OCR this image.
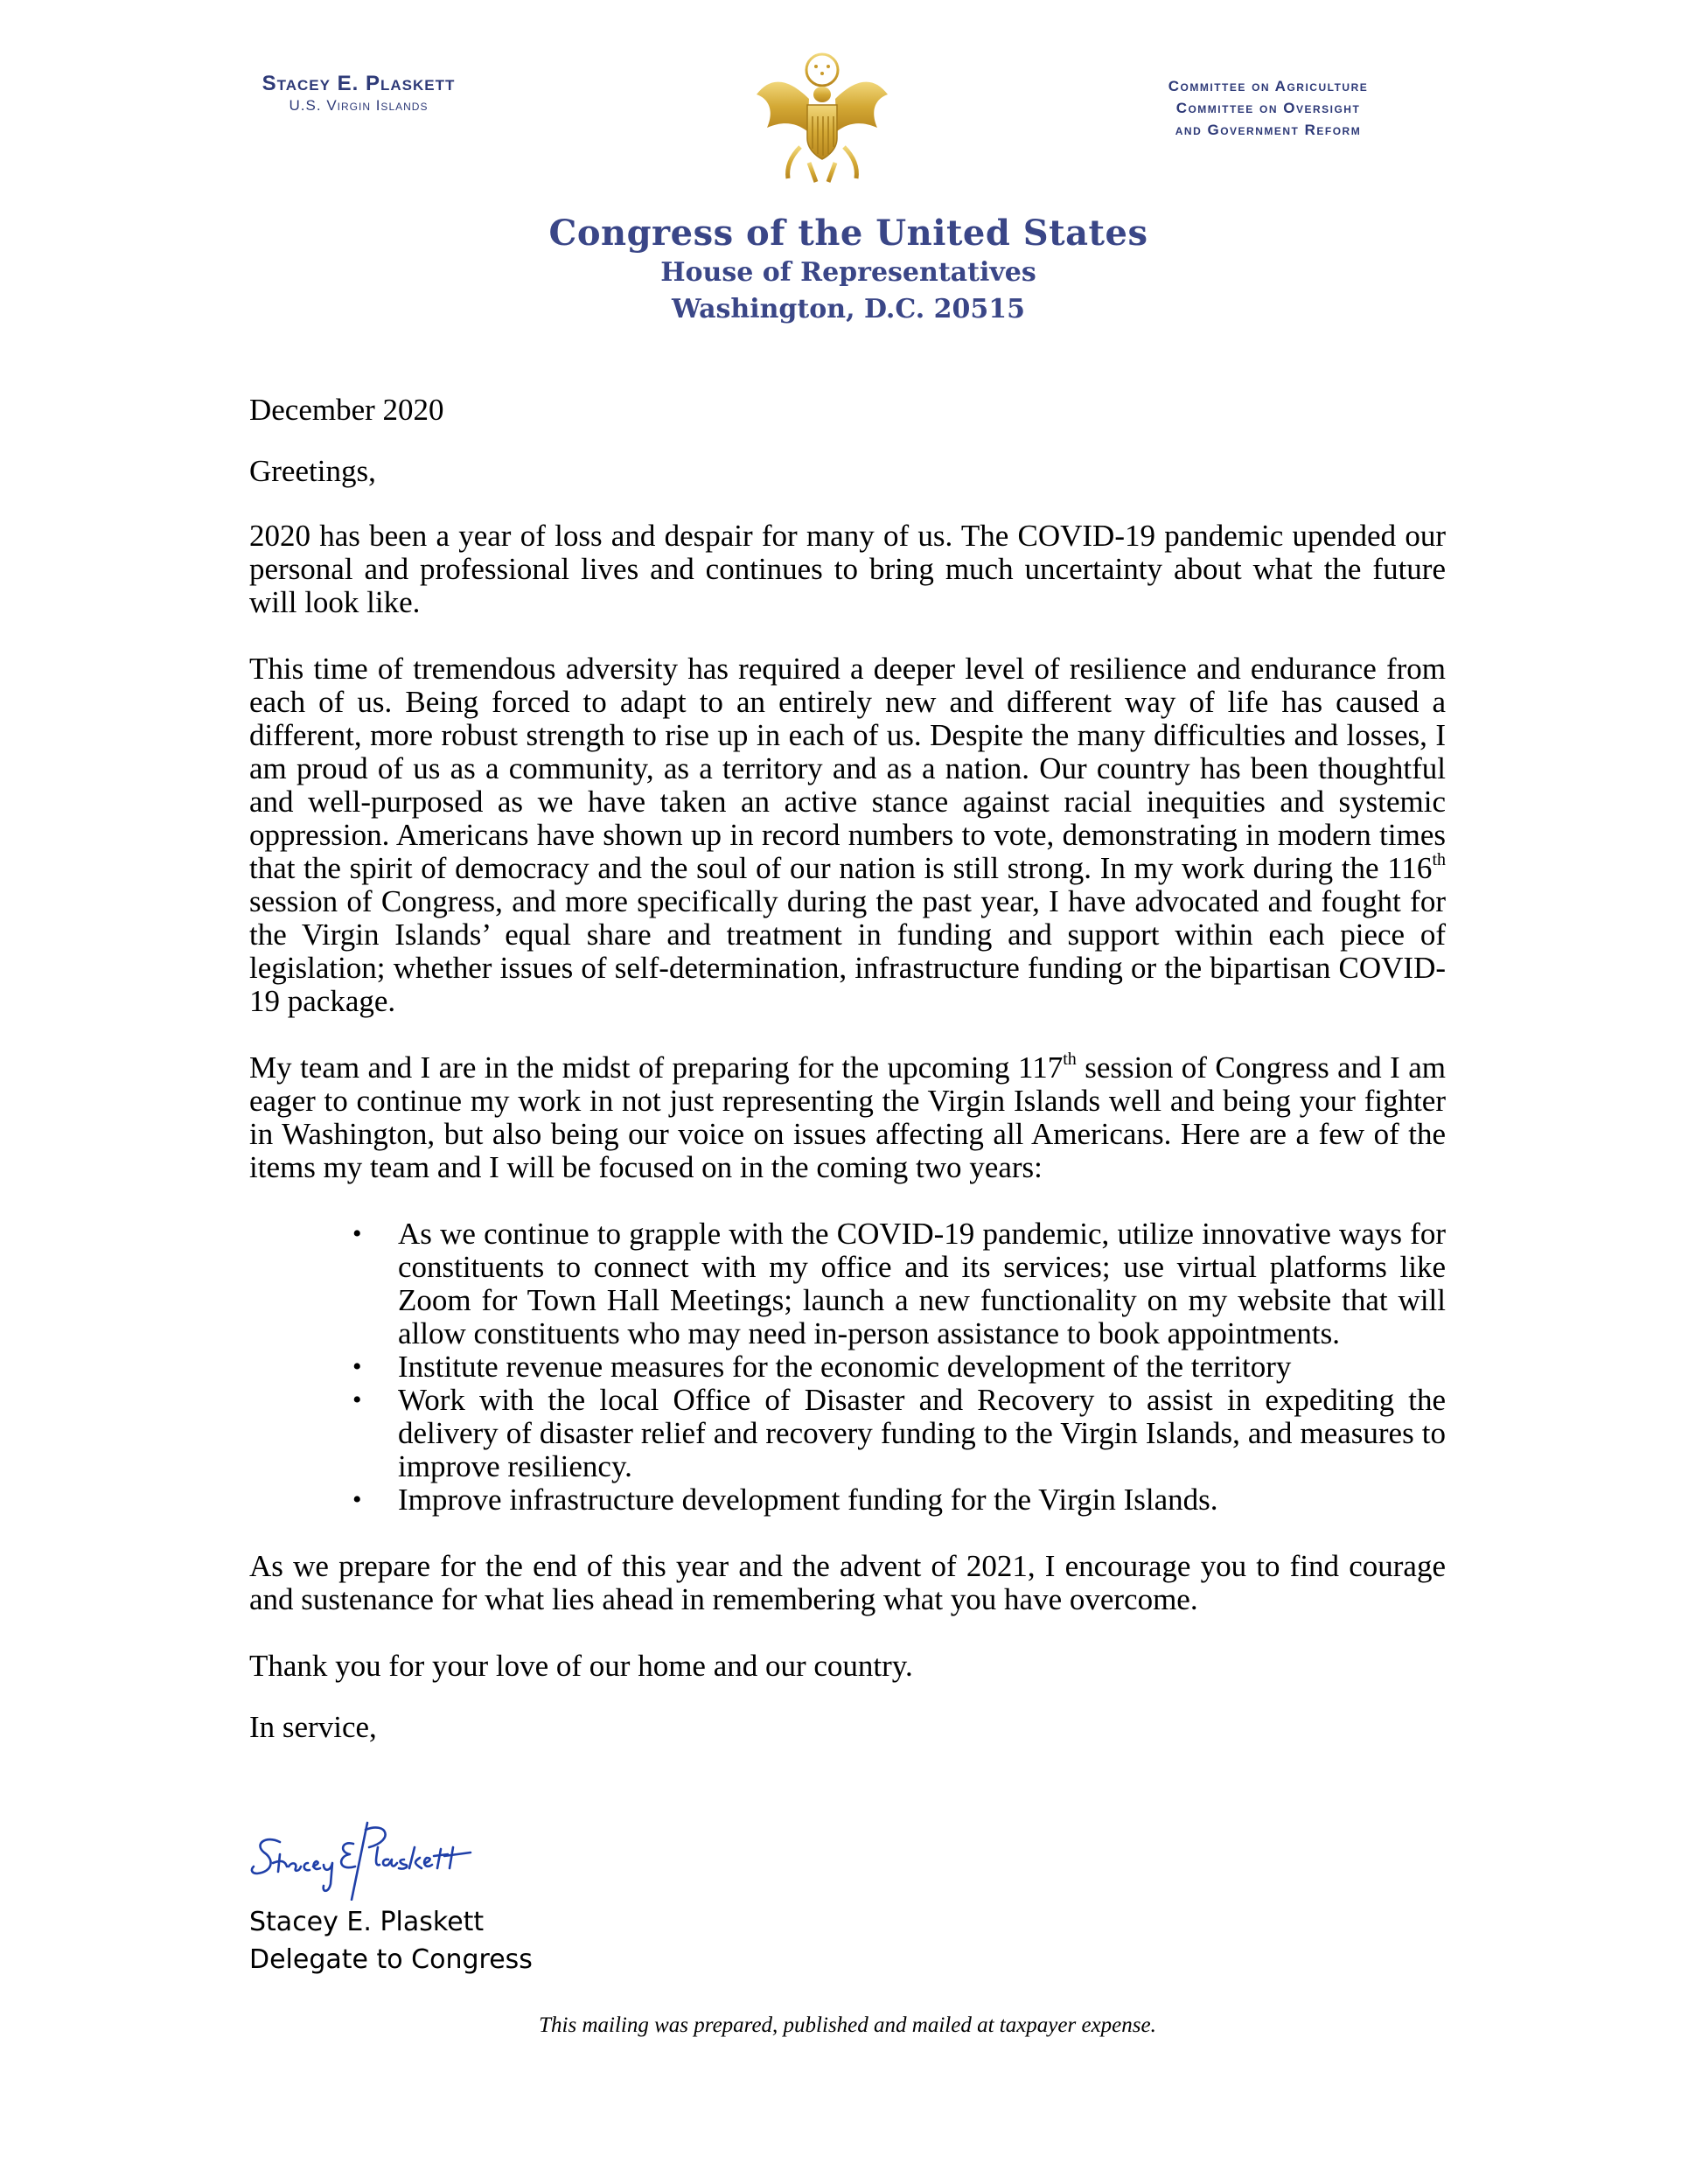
Stacey E. Plaskett
U.S. Virgin Islands
Committee on Agriculture
Committee on Oversight
and Government Reform
Congress of the United States
House of Representatives
Washington, D.C. 20515

December 2020

Greetings,

2020 has been a year of loss and despair for many of us. The COVID-19 pandemic upended our personal and professional lives and continues to bring much uncertainty about what the future will look like.

This time of tremendous adversity has required a deeper level of resilience and endurance from each of us. Being forced to adapt to an entirely new and different way of life has caused a different, more robust strength to rise up in each of us. Despite the many difficulties and losses, I am proud of us as a community, as a territory and as a nation. Our country has been thoughtful and well-purposed as we have taken an active stance against racial inequities and systemic oppression. Americans have shown up in record numbers to vote, demonstrating in modern times that the spirit of democracy and the soul of our nation is still strong. In my work during the 116th session of Congress, and more specifically during the past year, I have advocated and fought for the Virgin Islands’ equal share and treatment in funding and support within each piece of legislation; whether issues of self-determination, infrastructure funding or the bipartisan COVID-19 package.

My team and I are in the midst of preparing for the upcoming 117th session of Congress and I am eager to continue my work in not just representing the Virgin Islands well and being your fighter in Washington, but also being our voice on issues affecting all Americans. Here are a few of the items my team and I will be focused on in the coming two years:

• As we continue to grapple with the COVID-19 pandemic, utilize innovative ways for constituents to connect with my office and its services; use virtual platforms like Zoom for Town Hall Meetings; launch a new functionality on my website that will allow constituents who may need in-person assistance to book appointments.
• Institute revenue measures for the economic development of the territory
• Work with the local Office of Disaster and Recovery to assist in expediting the delivery of disaster relief and recovery funding to the Virgin Islands, and measures to improve resiliency.
• Improve infrastructure development funding for the Virgin Islands.

As we prepare for the end of this year and the advent of 2021, I encourage you to find courage and sustenance for what lies ahead in remembering what you have overcome.

Thank you for your love of our home and our country.

In service,

Stacey E. Plaskett
Delegate to Congress
This mailing was prepared, published and mailed at taxpayer expense.
